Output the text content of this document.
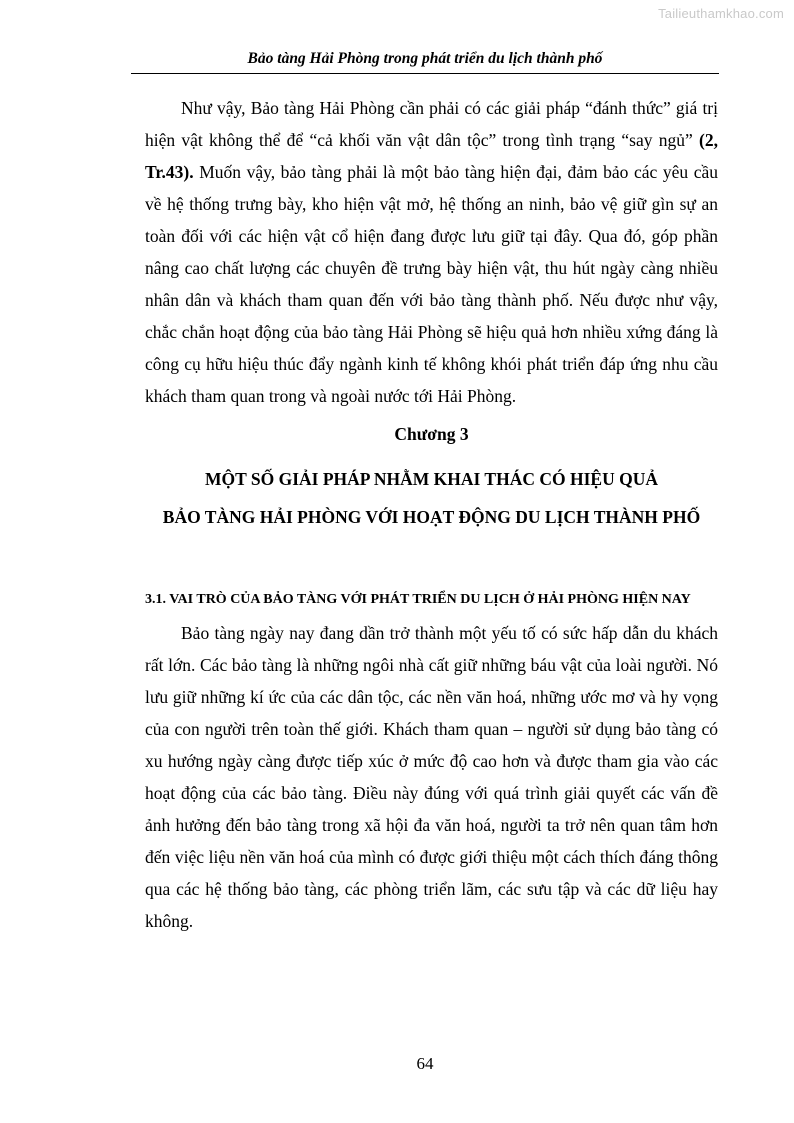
Tailieuthamkhao.com
Bảo tàng Hải Phòng trong phát triển du lịch thành phố

Như vậy, Bảo tàng Hải Phòng cần phải có các giải pháp “đánh thức” giá trị hiện vật không thể để “cả khối văn vật dân tộc” trong tình trạng “say ngủ” (2, Tr.43). Muốn vậy, bảo tàng phải là một bảo tàng hiện đại, đảm bảo các yêu cầu về hệ thống trưng bày, kho hiện vật mở, hệ thống an ninh, bảo vệ giữ gìn sự an toàn đối với các hiện vật cổ hiện đang được lưu giữ tại đây. Qua đó, góp phần nâng cao chất lượng các chuyên đề trưng bày hiện vật, thu hút ngày càng nhiều nhân dân và khách tham quan đến với bảo tàng thành phố. Nếu được như vậy, chắc chắn hoạt động của bảo tàng Hải Phòng sẽ hiệu quả hơn nhiều xứng đáng là công cụ hữu hiệu thúc đẩy ngành kinh tế không khói phát triển đáp ứng nhu cầu khách tham quan trong và ngoài nước tới Hải Phòng.

Chương 3
MỘT SỐ GIẢI PHÁP NHẰM KHAI THÁC CÓ HIỆU QUẢ
BẢO TÀNG HẢI PHÒNG VỚI HOẠT ĐỘNG DU LỊCH THÀNH PHỐ
3.1. VAI TRÒ CỦA BẢO TÀNG VỚI PHÁT TRIỂN DU LỊCH Ở HẢI PHÒNG HIỆN NAY

Bảo tàng ngày nay đang dần trở thành một yếu tố có sức hấp dẫn du khách rất lớn. Các bảo tàng là những ngôi nhà cất giữ những báu vật của loài người. Nó lưu giữ những kí ức của các dân tộc, các nền văn hoá, những ước mơ và hy vọng của con người trên toàn thế giới. Khách tham quan – người sử dụng bảo tàng có xu hướng ngày càng được tiếp xúc ở mức độ cao hơn và được tham gia vào các hoạt động của các bảo tàng. Điều này đúng với quá trình giải quyết các vấn đề ảnh hưởng đến bảo tàng trong xã hội đa văn hoá, người ta trở nên quan tâm hơn đến việc liệu nền văn hoá của mình có được giới thiệu một cách thích đáng thông qua các hệ thống bảo tàng, các phòng triển lãm, các sưu tập và các dữ liệu hay không.

64
